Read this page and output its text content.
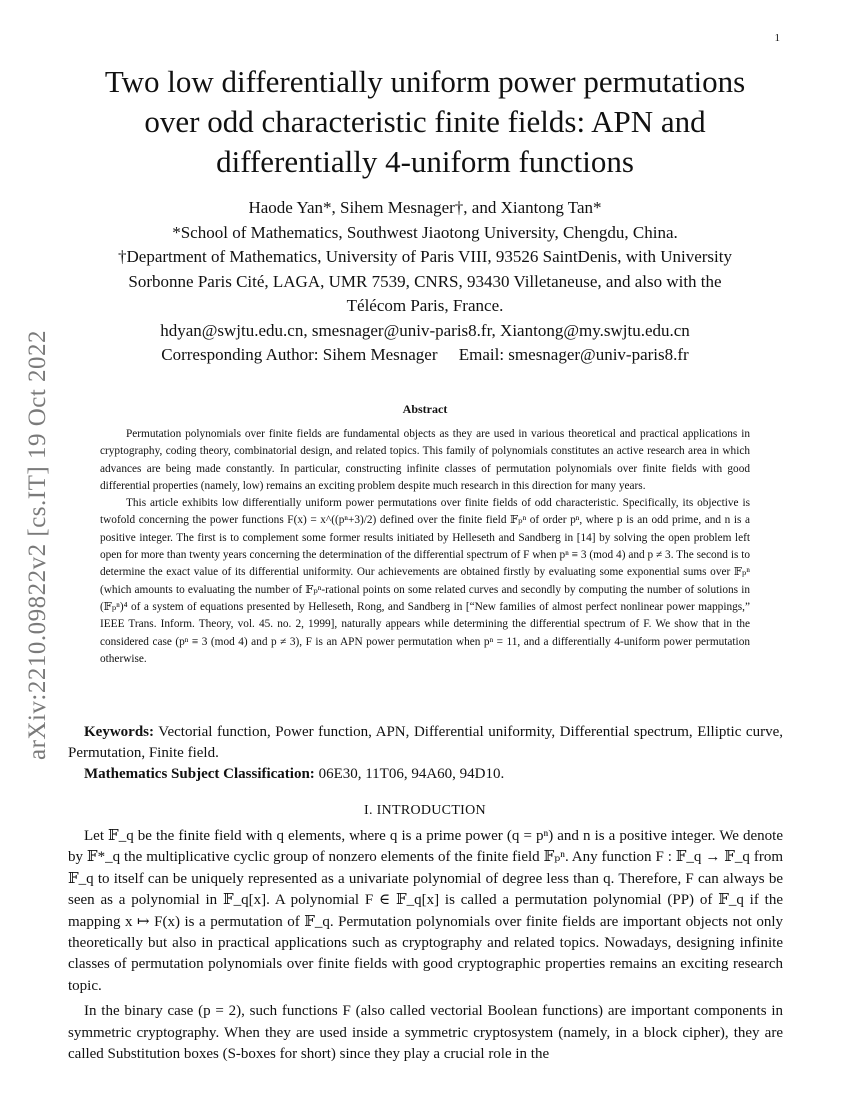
1
arXiv:2210.09822v2 [cs.IT] 19 Oct 2022
Two low differentially uniform power permutations
over odd characteristic finite fields: APN and
differentially 4-uniform functions
Haode Yan*, Sihem Mesnager†, and Xiantong Tan*
*School of Mathematics, Southwest Jiaotong University, Chengdu, China.
†Department of Mathematics, University of Paris VIII, 93526 SaintDenis, with University
Sorbonne Paris Cité, LAGA, UMR 7539, CNRS, 93430 Villetaneuse, and also with the
Télécom Paris, France.
hdyan@swjtu.edu.cn, smesnager@univ-paris8.fr, Xiantong@my.swjtu.edu.cn
Corresponding Author: Sihem Mesnager     Email: smesnager@univ-paris8.fr
Abstract

Permutation polynomials over finite fields are fundamental objects as they are used in various theoretical and practical applications in cryptography, coding theory, combinatorial design, and related topics. This family of polynomials constitutes an active research area in which advances are being made constantly. In particular, constructing infinite classes of permutation polynomials over finite fields with good differential properties (namely, low) remains an exciting problem despite much research in this direction for many years.

This article exhibits low differentially uniform power permutations over finite fields of odd characteristic. Specifically, its objective is twofold concerning the power functions F(x) = x^((pⁿ+3)/2) defined over the finite field 𝔽ₚⁿ of order pⁿ, where p is an odd prime, and n is a positive integer. The first is to complement some former results initiated by Helleseth and Sandberg in [14] by solving the open problem left open for more than twenty years concerning the determination of the differential spectrum of F when pⁿ ≡ 3 (mod 4) and p ≠ 3. The second is to determine the exact value of its differential uniformity. Our achievements are obtained firstly by evaluating some exponential sums over 𝔽ₚⁿ (which amounts to evaluating the number of 𝔽ₚⁿ-rational points on some related curves and secondly by computing the number of solutions in (𝔽ₚⁿ)⁴ of a system of equations presented by Helleseth, Rong, and Sandberg in [“New families of almost perfect nonlinear power mappings,” IEEE Trans. Inform. Theory, vol. 45. no. 2, 1999], naturally appears while determining the differential spectrum of F. We show that in the considered case (pⁿ ≡ 3 (mod 4) and p ≠ 3), F is an APN power permutation when pⁿ = 11, and a differentially 4-uniform power permutation otherwise.

Keywords: Vectorial function, Power function, APN, Differential uniformity, Differential spectrum, Elliptic curve, Permutation, Finite field.

Mathematics Subject Classification: 06E30, 11T06, 94A60, 94D10.

I. INTRODUCTION

Let 𝔽_q be the finite field with q elements, where q is a prime power (q = pⁿ) and n is a positive integer. We denote by 𝔽*_q the multiplicative cyclic group of nonzero elements of the finite field 𝔽ₚⁿ. Any function F : 𝔽_q → 𝔽_q from 𝔽_q to itself can be uniquely represented as a univariate polynomial of degree less than q. Therefore, F can always be seen as a polynomial in 𝔽_q[x]. A polynomial F ∈ 𝔽_q[x] is called a permutation polynomial (PP) of 𝔽_q if the mapping x ↦ F(x) is a permutation of 𝔽_q. Permutation polynomials over finite fields are important objects not only theoretically but also in practical applications such as cryptography and related topics. Nowadays, designing infinite classes of permutation polynomials over finite fields with good cryptographic properties remains an exciting research topic.

In the binary case (p = 2), such functions F (also called vectorial Boolean functions) are important components in symmetric cryptography. When they are used inside a symmetric cryptosystem (namely, in a block cipher), they are called Substitution boxes (S-boxes for short) since they play a crucial role in the
